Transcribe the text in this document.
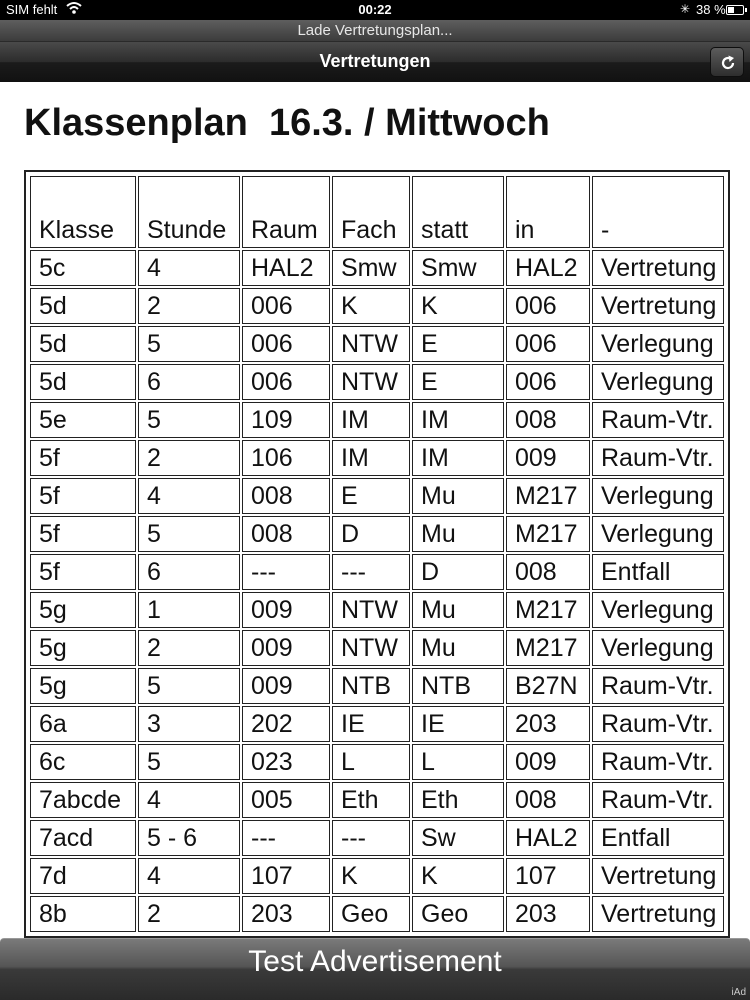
SIM fehlt	00:22	✳ 38 %
Lade Vertretungsplan...
Vertretungen
Klassenplan  16.3. / Mittwoch
Klasse	Stunde	Raum	Fach	statt	in	-
5c	4	HAL2	Smw	Smw	HAL2	Vertretung
5d	2	006	K	K	006	Vertretung
5d	5	006	NTW	E	006	Verlegung
5d	6	006	NTW	E	006	Verlegung
5e	5	109	IM	IM	008	Raum-Vtr.
5f	2	106	IM	IM	009	Raum-Vtr.
5f	4	008	E	Mu	M217	Verlegung
5f	5	008	D	Mu	M217	Verlegung
5f	6	---	---	D	008	Entfall
5g	1	009	NTW	Mu	M217	Verlegung
5g	2	009	NTW	Mu	M217	Verlegung
5g	5	009	NTB	NTB	B27N	Raum-Vtr.
6a	3	202	IE	IE	203	Raum-Vtr.
6c	5	023	L	L	009	Raum-Vtr.
7abcde	4	005	Eth	Eth	008	Raum-Vtr.
7acd	5 - 6	---	---	Sw	HAL2	Entfall
7d	4	107	K	K	107	Vertretung
8b	2	203	Geo	Geo	203	Vertretung
Test Advertisement
iAd
